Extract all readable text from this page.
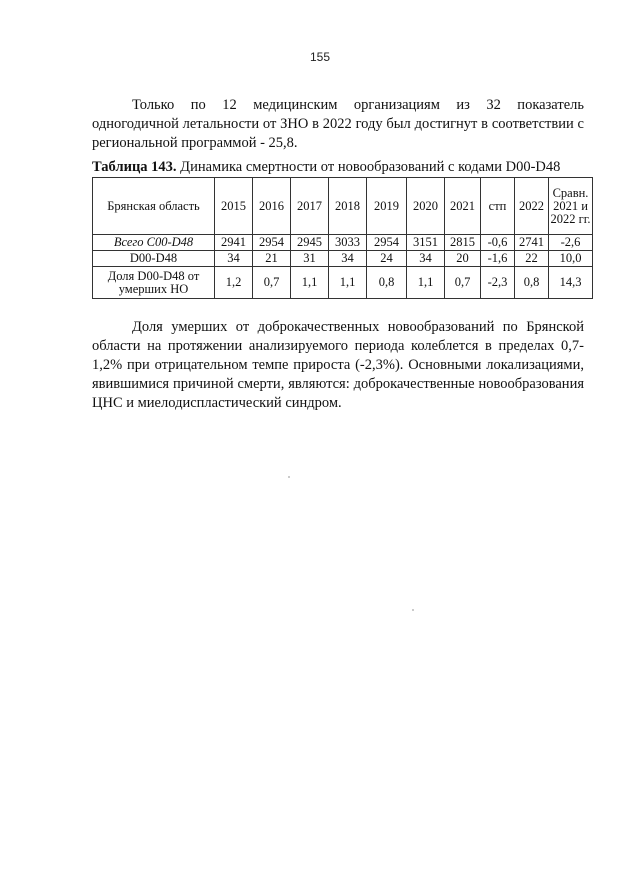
155

Только по 12 медицинским организациям из 32 показатель одногодичной летальности от ЗНО в 2022 году был достигнут в соответствии с региональной программой - 25,8.

Таблица 143. Динамика смертности от новообразований с кодами D00-D48
Брянская область	2015	2016	2017	2018	2019	2020	2021	стп	2022	Сравн. 2021 и 2022 гг.
Всего C00-D48	2941	2954	2945	3033	2954	3151	2815	-0,6	2741	-2,6
D00-D48	34	21	31	34	24	34	20	-1,6	22	10,0
Доля D00-D48 от умерших НО	1,2	0,7	1,1	1,1	0,8	1,1	0,7	-2,3	0,8	14,3

Доля умерших от доброкачественных новообразований по Брянской области на протяжении анализируемого периода колеблется в пределах 0,7-1,2% при отрицательном темпе прироста (-2,3%). Основными локализациями, явившимися причиной смерти, являются: доброкачественные новообразования ЦНС и миелодиспластический синдром.
